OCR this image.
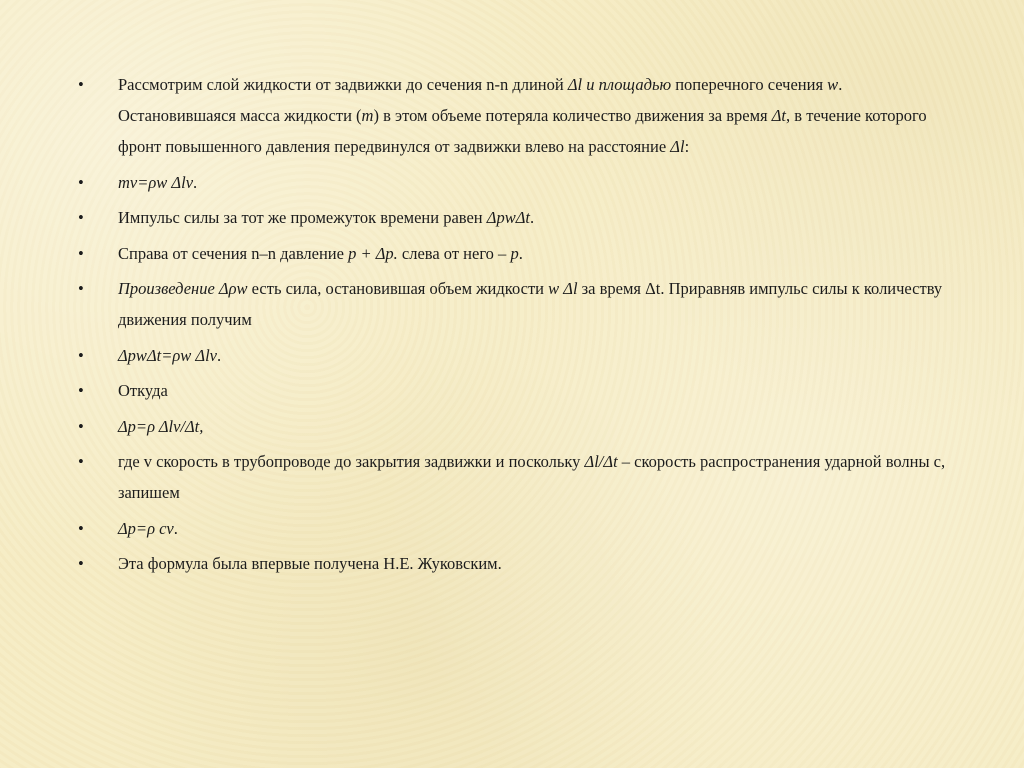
•	Рассмотрим слой жидкости от задвижки до сечения n-n длиной Δl и площадью поперечного сечения w. Остановившаяся масса жидкости (m) в этом объеме потеряла количество движения за время Δt, в течение которого фронт повышенного давления передвинулся от задвижки влево на расстояние Δl:
•	mv=ρw Δlv.
•	Импульс силы за тот же промежуток времени равен ΔpwΔt.
•	Справа от сечения n–n давление p + Δp. слева от него – p.
•	Произведение Δρw есть сила, остановившая объем жидкости w Δl за время Δt. Приравняв импульс силы к количеству движения получим
•	ΔpwΔt=ρw Δlv.
•	Откуда
•	Δp=ρ Δlv/Δt,
•	где v скорость в трубопроводе до закрытия задвижки и поскольку Δl/Δt – скорость распространения ударной волны с, запишем
•	Δp=ρ cv.
•	Эта формула была впервые получена Н.Е. Жуковским.
